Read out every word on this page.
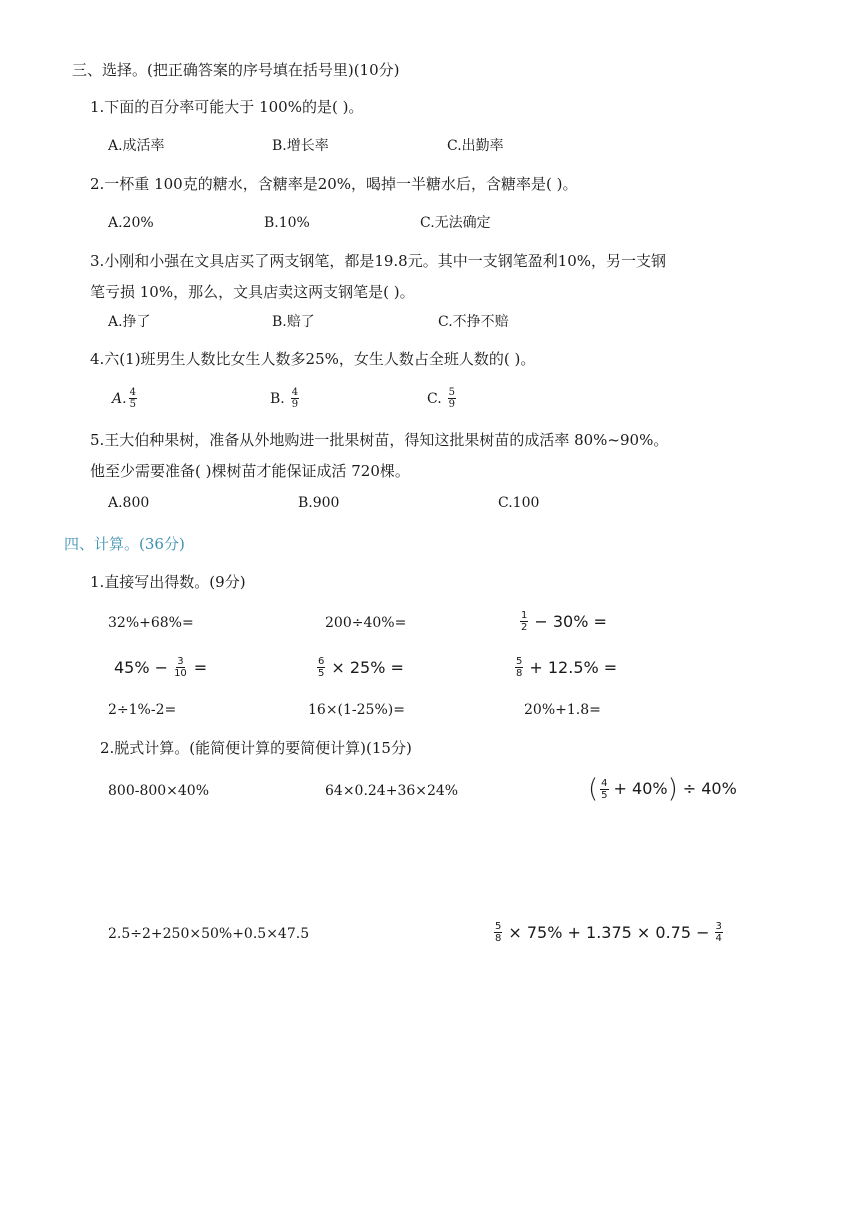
三、选择。(把正确答案的序号填在括号里)(10分)
1.下面的百分率可能大于 100%的是( )。
A.成活率	B.增长率	C.出勤率
2.一杯重 100克的糖水，含糖率是20%，喝掉一半糖水后，含糖率是( )。
A.20%	B.10%	C.无法确定
3.小刚和小强在文具店买了两支钢笔，都是19.8元。其中一支钢笔盈利10%，另一支钢
笔亏损 10%，那么，文具店卖这两支钢笔是( )。
A.挣了	B.赔了	C.不挣不赔
4.六(1)班男生人数比女生人数多25%，女生人数占全班人数的( )。
A. $\frac{4}{5}$	B. $\frac{4}{9}$	C. $\frac{5}{9}$
5.王大伯种果树，准备从外地购进一批果树苗，得知这批果树苗的成活率 80%~90%。
他至少需要准备( )棵树苗才能保证成活 720棵。
A.800	B.900	C.100
四、计算。(36分)
1.直接写出得数。(9分)
32%+68%=	200÷40%=	$\frac{1}{2} - 30\%$ =
$45\% - \frac{3}{10}$ =	$\frac{6}{5} \times 25\%$ =	$\frac{5}{8} + 12.5\%$ =
2÷1%-2=	16×(1-25%)=	20%+1.8=
2.脱式计算。(能简便计算的要简便计算)(15分)
800-800×40%	64×0.24+36×24%	( $\frac{4}{5} + 40\%$ ) ÷ 40%
2.5÷2+250×50%+0.5×47.5	$\frac{5}{8} \times 75\% + 1.375 \times 0.75 - \frac{3}{4}$
